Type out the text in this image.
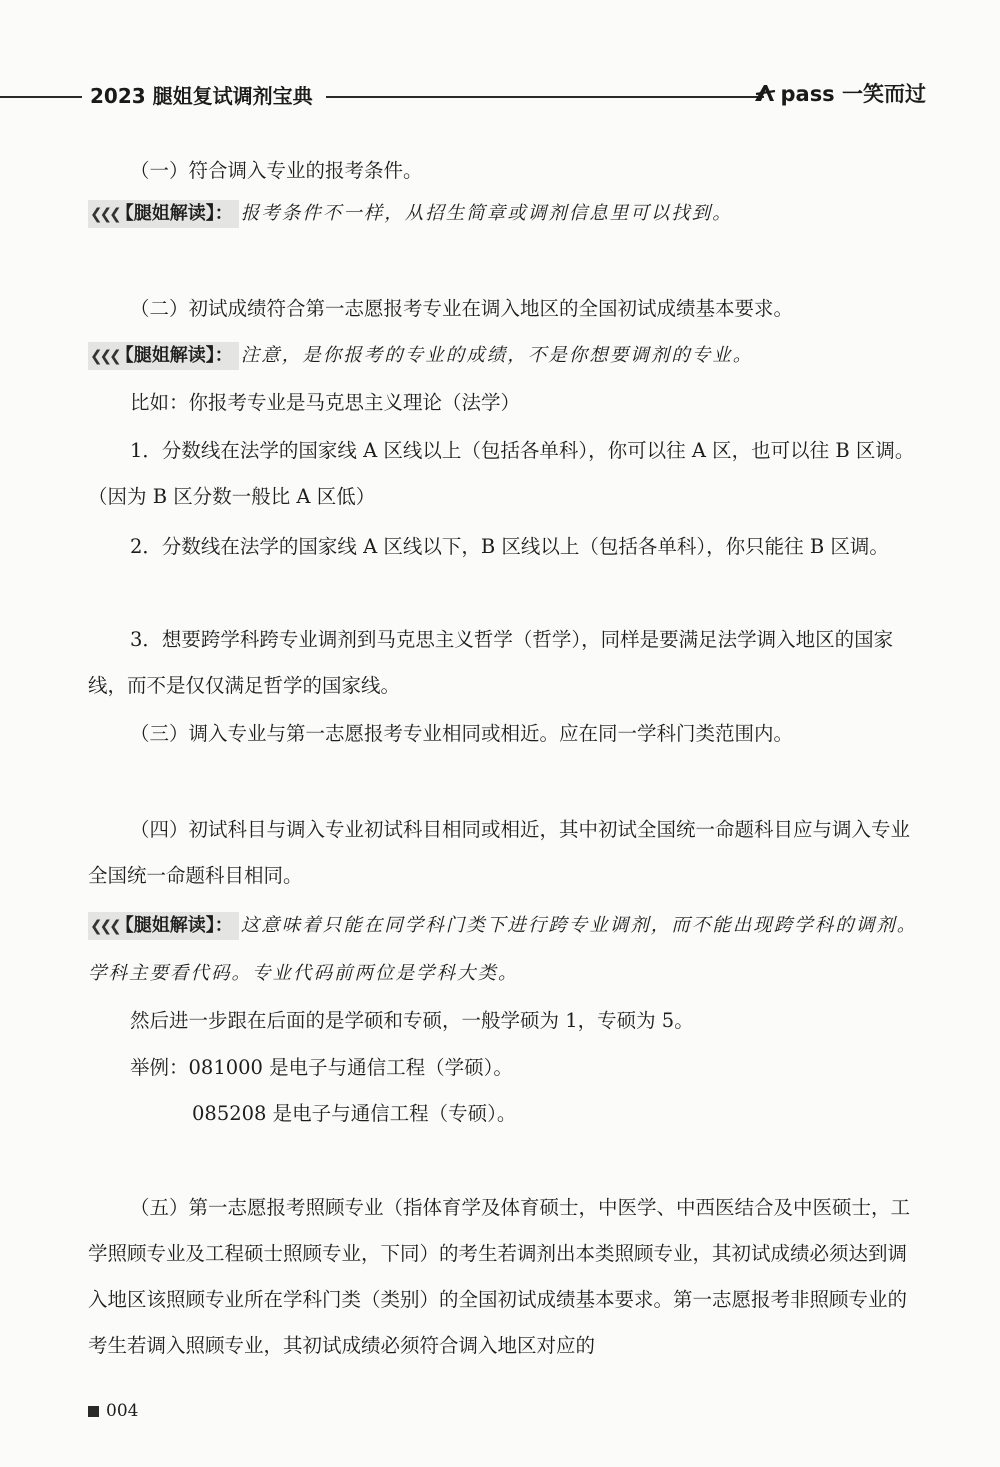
2023 腿姐复试调剂宝典	pass 一笑而过

（一）符合调入专业的报考条件。

❮❮❮ 【腿姐解读】： 报考条件不一样，从招生简章或调剂信息里可以找到。

（二）初试成绩符合第一志愿报考专业在调入地区的全国初试成绩基本要求。

❮❮❮ 【腿姐解读】： 注意，是你报考的专业的成绩，不是你想要调剂的专业。

比如：你报考专业是马克思主义理论（法学）

1．分数线在法学的国家线 A 区线以上（包括各单科），你可以往 A 区，也可以往 B 区调。（因为 B 区分数一般比 A 区低）

2．分数线在法学的国家线 A 区线以下，B 区线以上（包括各单科），你只能往 B 区调。

3．想要跨学科跨专业调剂到马克思主义哲学（哲学），同样是要满足法学调入地区的国家线，而不是仅仅满足哲学的国家线。

（三）调入专业与第一志愿报考专业相同或相近。应在同一学科门类范围内。

（四）初试科目与调入专业初试科目相同或相近，其中初试全国统一命题科目应与调入专业全国统一命题科目相同。

❮❮❮ 【腿姐解读】： 这意味着只能在同学科门类下进行跨专业调剂，而不能出现跨学科的调剂。学科主要看代码。专业代码前两位是学科大类。

然后进一步跟在后面的是学硕和专硕，一般学硕为 1，专硕为 5。

举例：081000 是电子与通信工程（学硕）。
085208 是电子与通信工程（专硕）。

（五）第一志愿报考照顾专业（指体育学及体育硕士，中医学、中西医结合及中医硕士，工学照顾专业及工程硕士照顾专业，下同）的考生若调剂出本类照顾专业，其初试成绩必须达到调入地区该照顾专业所在学科门类（类别）的全国初试成绩基本要求。第一志愿报考非照顾专业的考生若调入照顾专业，其初试成绩必须符合调入地区对应的

004
